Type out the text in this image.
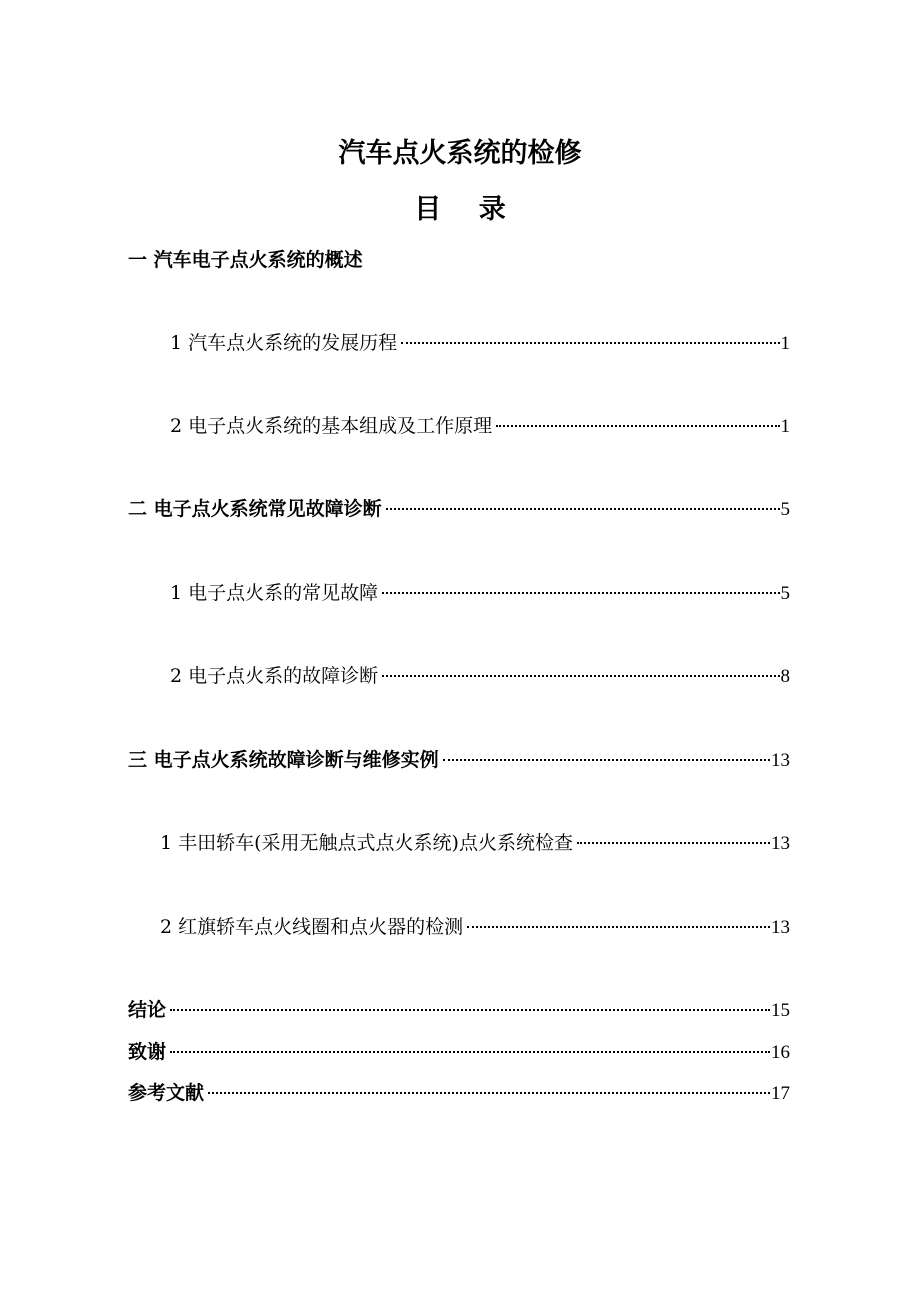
汽车点火系统的检修
目    录
一 汽车电子点火系统的概述
1 汽车点火系统的发展历程	1
2 电子点火系统的基本组成及工作原理	1
二 电子点火系统常见故障诊断	5
1 电子点火系的常见故障	5
2 电子点火系的故障诊断	8
三 电子点火系统故障诊断与维修实例	13
1 丰田轿车(采用无触点式点火系统)点火系统检查	13
2 红旗轿车点火线圈和点火器的检测	13
结论	15
致谢	16
参考文献	17
